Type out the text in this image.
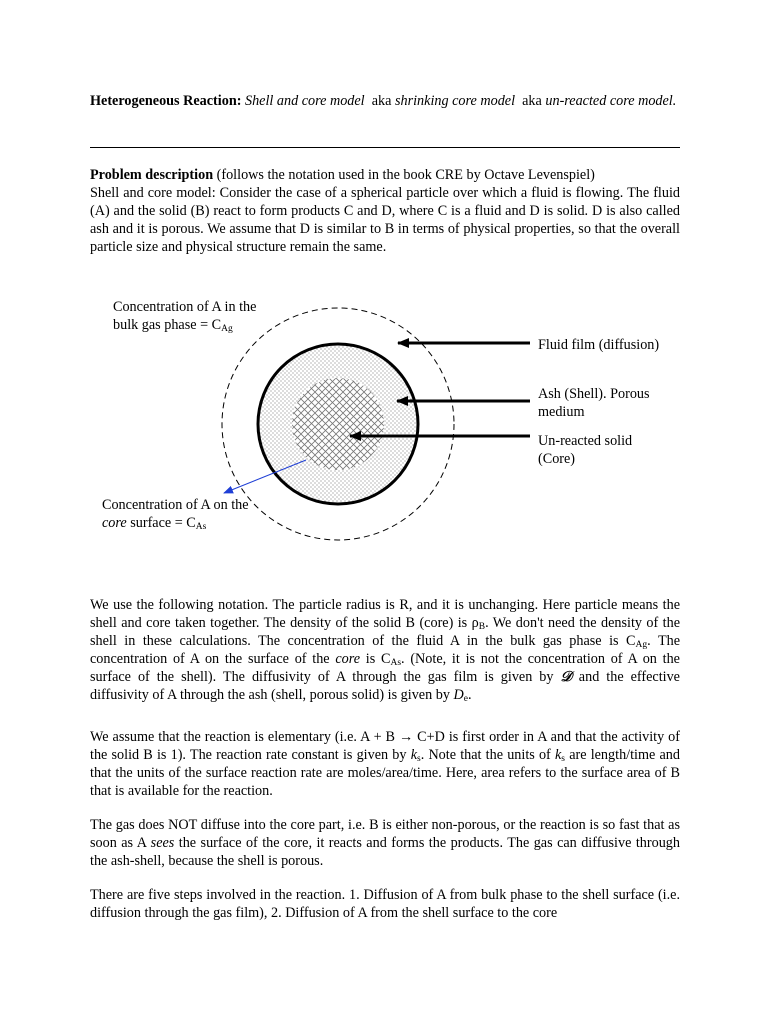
Heterogeneous Reaction: Shell and core model aka shrinking core model aka un-reacted core model.
Problem description (follows the notation used in the book CRE by Octave Levenspiel)
Shell and core model: Consider the case of a spherical particle over which a fluid is flowing. The fluid (A) and the solid (B) react to form products C and D, where C is a fluid and D is solid. D is also called ash and it is porous. We assume that D is similar to B in terms of physical properties, so that the overall particle size and physical structure remain the same.
Concentration of A in the
bulk gas phase = $C_{Ag}$
Fluid film (diffusion)
Ash (Shell). Porous
medium
Un-reacted solid
(Core)
Concentration of A on the
core surface = $C_{As}$
We use the following notation. The particle radius is R, and it is unchanging. Here particle means the shell and core taken together. The density of the solid B (core) is $\rho_B$. We don't need the density of the shell in these calculations. The concentration of the fluid A in the bulk gas phase is $C_{Ag}$. The concentration of A on the surface of the core is $C_{As}$. (Note, it is not the concentration of A on the surface of the shell). The diffusivity of A through the gas film is given by 𝒟 and the effective diffusivity of A through the ash (shell, porous solid) is given by $D_e$.
We assume that the reaction is elementary (i.e. A + B → C+D is first order in A and that the activity of the solid B is 1). The reaction rate constant is given by $k_s$. Note that the units of $k_s$ are length/time and that the units of the surface reaction rate are moles/area/time. Here, area refers to the surface area of B that is available for the reaction.
The gas does NOT diffuse into the core part, i.e. B is either non-porous, or the reaction is so fast that as soon as A sees the surface of the core, it reacts and forms the products. The gas can diffusive through the ash-shell, because the shell is porous.
There are five steps involved in the reaction. 1. Diffusion of A from bulk phase to the shell surface (i.e. diffusion through the gas film), 2. Diffusion of A from the shell surface to the core
